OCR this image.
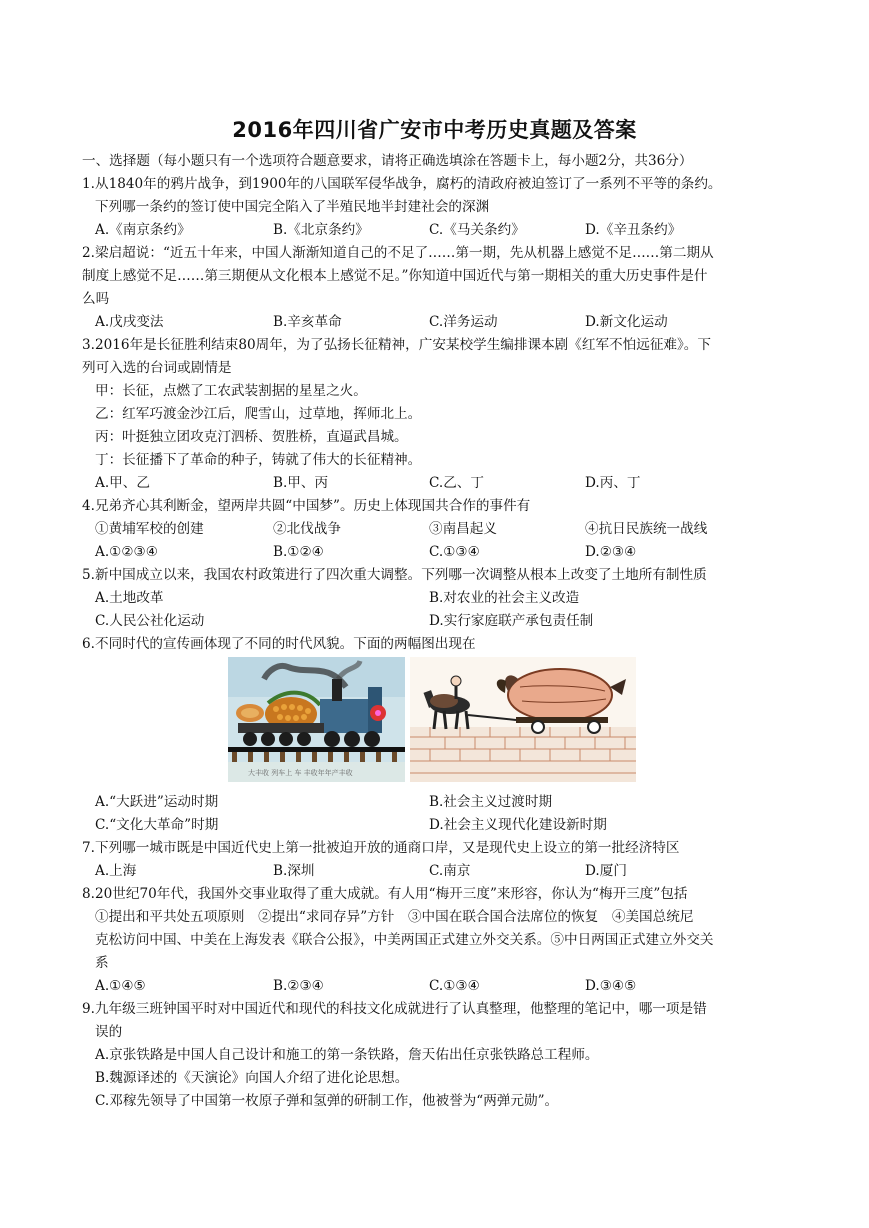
2016年四川省广安市中考历史真题及答案
一、选择题（每小题只有一个选项符合题意要求，请将正确选填涂在答题卡上，每小题2分，共36分）
1.从1840年的鸦片战争，到1900年的八国联军侵华战争，腐朽的清政府被迫签订了一系列不平等的条约。
下列哪一条约的签订使中国完全陷入了半殖民地半封建社会的深渊
A.《南京条约》	B.《北京条约》	C.《马关条约》	D.《辛丑条约》
2.梁启超说：“近五十年来，中国人渐渐知道自己的不足了……第一期，先从机器上感觉不足……第二期从
制度上感觉不足……第三期便从文化根本上感觉不足。”你知道中国近代与第一期相关的重大历史事件是什
么吗
A.戊戌变法	B.辛亥革命	C.洋务运动	D.新文化运动
3.2016年是长征胜利结束80周年，为了弘扬长征精神，广安某校学生编排课本剧《红军不怕远征难》。下
列可入选的台词或剧情是
甲：长征，点燃了工农武装割据的星星之火。
乙：红军巧渡金沙江后，爬雪山，过草地，挥师北上。
丙：叶挺独立团攻克汀泗桥、贺胜桥，直逼武昌城。
丁：长征播下了革命的种子，铸就了伟大的长征精神。
A.甲、乙	B.甲、丙	C.乙、丁	D.丙、丁
4.兄弟齐心其利断金，望两岸共圆“中国梦”。历史上体现国共合作的事件有
①黄埔军校的创建	②北伐战争	③南昌起义	④抗日民族统一战线
A.①②③④	B.①②④	C.①③④	D.②③④
5.新中国成立以来，我国农村政策进行了四次重大调整。下列哪一次调整从根本上改变了土地所有制性质
A.土地改革	B.对农业的社会主义改造
C.人民公社化运动	D.实行家庭联产承包责任制
6.不同时代的宣传画体现了不同的时代风貌。下面的两幅图出现在
大丰收 列车上 车 丰收年年产丰收
A.“大跃进”运动时期	B.社会主义过渡时期
C.“文化大革命”时期	D.社会主义现代化建设新时期
7.下列哪一城市既是中国近代史上第一批被迫开放的通商口岸，又是现代史上设立的第一批经济特区
A.上海	B.深圳	C.南京	D.厦门
8.20世纪70年代，我国外交事业取得了重大成就。有人用“梅开三度”来形容，你认为“梅开三度”包括
①提出和平共处五项原则　②提出“求同存异”方针　③中国在联合国合法席位的恢复　④美国总统尼
克松访问中国、中美在上海发表《联合公报》，中美两国正式建立外交关系。⑤中日两国正式建立外交关
系
A.①④⑤	B.②③④	C.①③④	D.③④⑤
9.九年级三班钟国平时对中国近代和现代的科技文化成就进行了认真整理，他整理的笔记中，哪一项是错
误的
A.京张铁路是中国人自己设计和施工的第一条铁路，詹天佑出任京张铁路总工程师。
B.魏源译述的《天演论》向国人介绍了进化论思想。
C.邓稼先领导了中国第一枚原子弹和氢弹的研制工作，他被誉为“两弹元勋”。
